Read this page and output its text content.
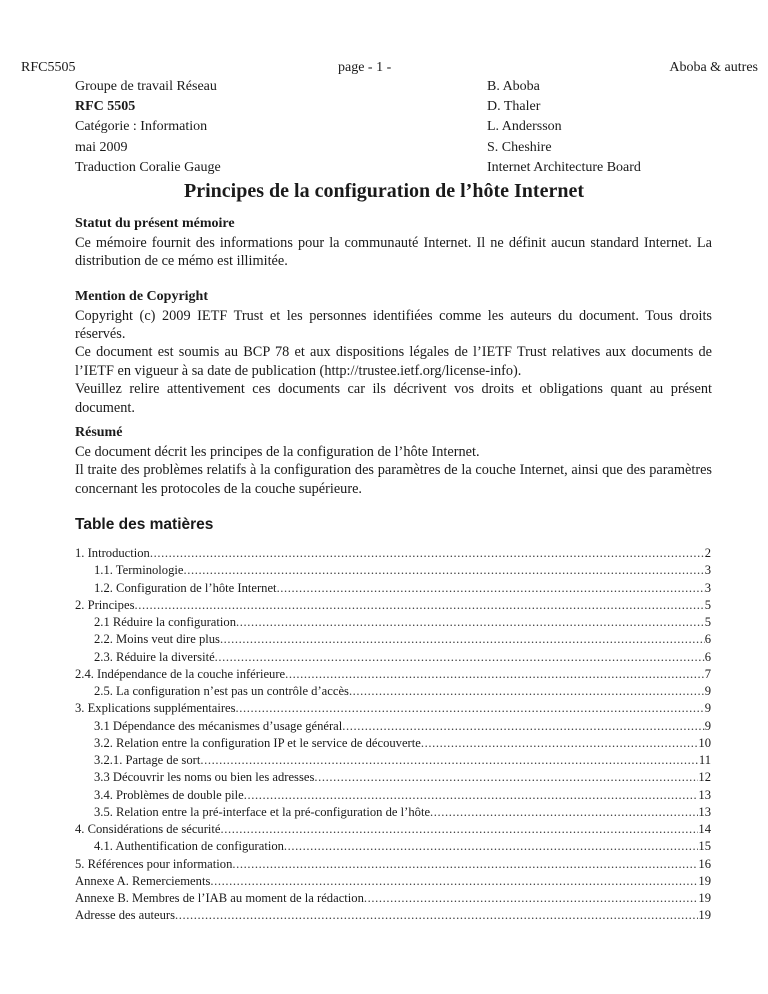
RFC5505	page - 1 -	Aboba & autres
Groupe de travail Réseau
RFC 5505
Catégorie : Information
mai 2009
Traduction Coralie Gauge
B. Aboba
D. Thaler
L. Andersson
S. Cheshire
Internet Architecture Board
Principes de la configuration de l’hôte Internet
Statut du présent mémoire

Ce mémoire fournit des informations pour la communauté Internet. Il ne définit aucun standard Internet. La distribution de ce mémo est illimitée.

Mention de Copyright

Copyright (c) 2009 IETF Trust et les personnes identifiées comme les auteurs du document. Tous droits réservés.

Ce document est soumis au BCP 78 et aux dispositions légales de l’IETF Trust relatives aux documents de l’IETF en vigueur à sa date de publication (http://trustee.ietf.org/license-info).

Veuillez relire attentivement ces documents car ils décrivent vos droits et obligations quant au présent document.

Résumé

Ce document décrit les principes de la configuration de l’hôte Internet.

Il traite des problèmes relatifs à la configuration des paramètres de la couche Internet, ainsi que des paramètres concernant les protocoles de la couche supérieure.

Table des matières
1. Introduction .....	2
1.1. Terminologie .....	3
1.2. Configuration de l’hôte Internet .....	3
2. Principes .....	5
2.1 Réduire la configuration .....	5
2.2. Moins veut dire plus .....	6
2.3. Réduire la diversité .....	6
2.4. Indépendance de la couche inférieure .....	7
2.5. La configuration n’est pas un contrôle d’accès .....	9
3. Explications supplémentaires .....	9
3.1 Dépendance des mécanismes d’usage général .....	9
3.2. Relation entre la configuration IP et le service de découverte .....	10
3.2.1. Partage de sort .....	11
3.3 Découvrir les noms ou bien les adresses .....	12
3.4. Problèmes de double pile .....	13
3.5. Relation entre la pré-interface et la pré-configuration de l’hôte .....	13
4. Considérations de sécurité .....	14
4.1. Authentification de configuration .....	15
5. Références pour information .....	16
Annexe A. Remerciements .....	19
Annexe B. Membres de l’IAB au moment de la rédaction .....	19
Adresse des auteurs .....	19
